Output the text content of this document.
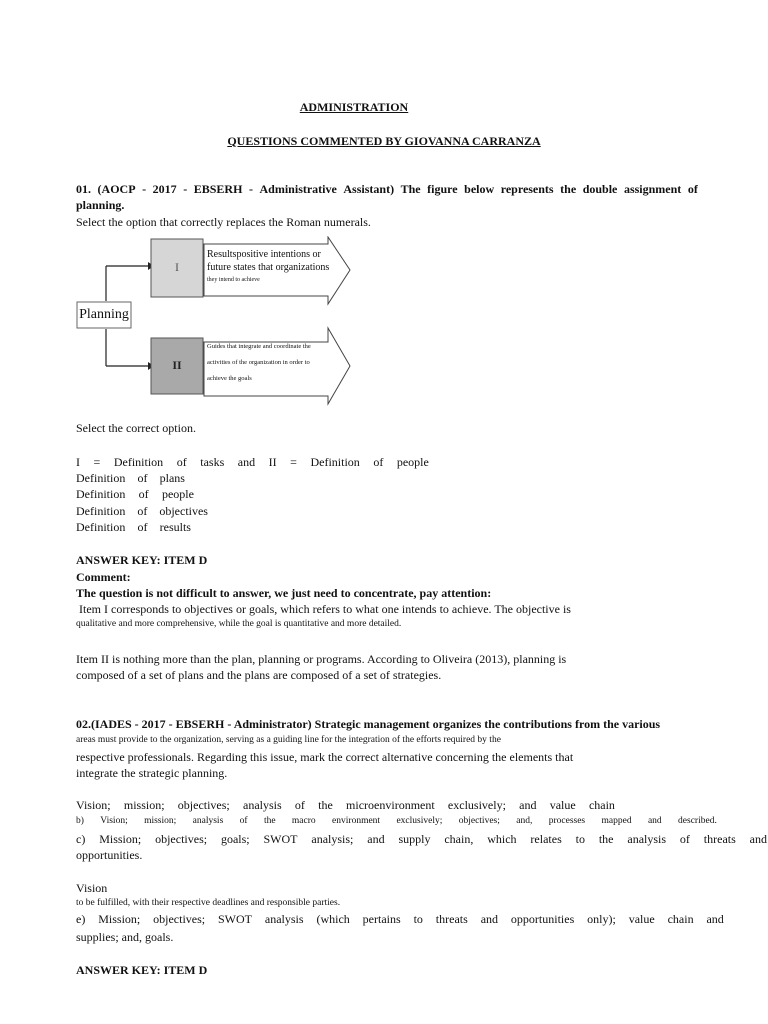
ADMINISTRATION
QUESTIONS COMMENTED BY GIOVANNA CARRANZA
01. (AOCP - 2017 - EBSERH - Administrative Assistant) The figure below represents the double assignment of
planning.
Select the option that correctly replaces the Roman numerals.
Planning
I
II
Resultspositive intentions or
future states that organizations
they intend to achieve
Guides that integrate and coordinate the
activities of the organization in order to
achieve the goals
Select the correct option.
I = Definition of tasks and II = Definition of people
Definition of plans
Definition of people
Definition of objectives
Definition of results
ANSWER KEY: ITEM D
Comment:
The question is not difficult to answer, we just need to concentrate, pay attention:
Item I corresponds to objectives or goals, which refers to what one intends to achieve. The objective is
qualitative and more comprehensive, while the goal is quantitative and more detailed.
Item II is nothing more than the plan, planning or programs. According to Oliveira (2013), planning is
composed of a set of plans and the plans are composed of a set of strategies.
02.(IADES - 2017 - EBSERH - Administrator) Strategic management organizes the contributions from the various
areas must provide to the organization, serving as a guiding line for the integration of the efforts required by the
respective professionals. Regarding this issue, mark the correct alternative concerning the elements that
integrate the strategic planning.
Vision; mission; objectives; analysis of the microenvironment exclusively; and value chain
b) Vision; mission; analysis of the macro environment exclusively; objectives; and, processes mapped and described.
c) Mission; objectives; goals; SWOT analysis; and supply chain, which relates to the analysis of threats and
opportunities.
Vision
to be fulfilled, with their respective deadlines and responsible parties.
e) Mission; objectives; SWOT analysis (which pertains to threats and opportunities only); value chain and
supplies; and, goals.
ANSWER KEY: ITEM D
